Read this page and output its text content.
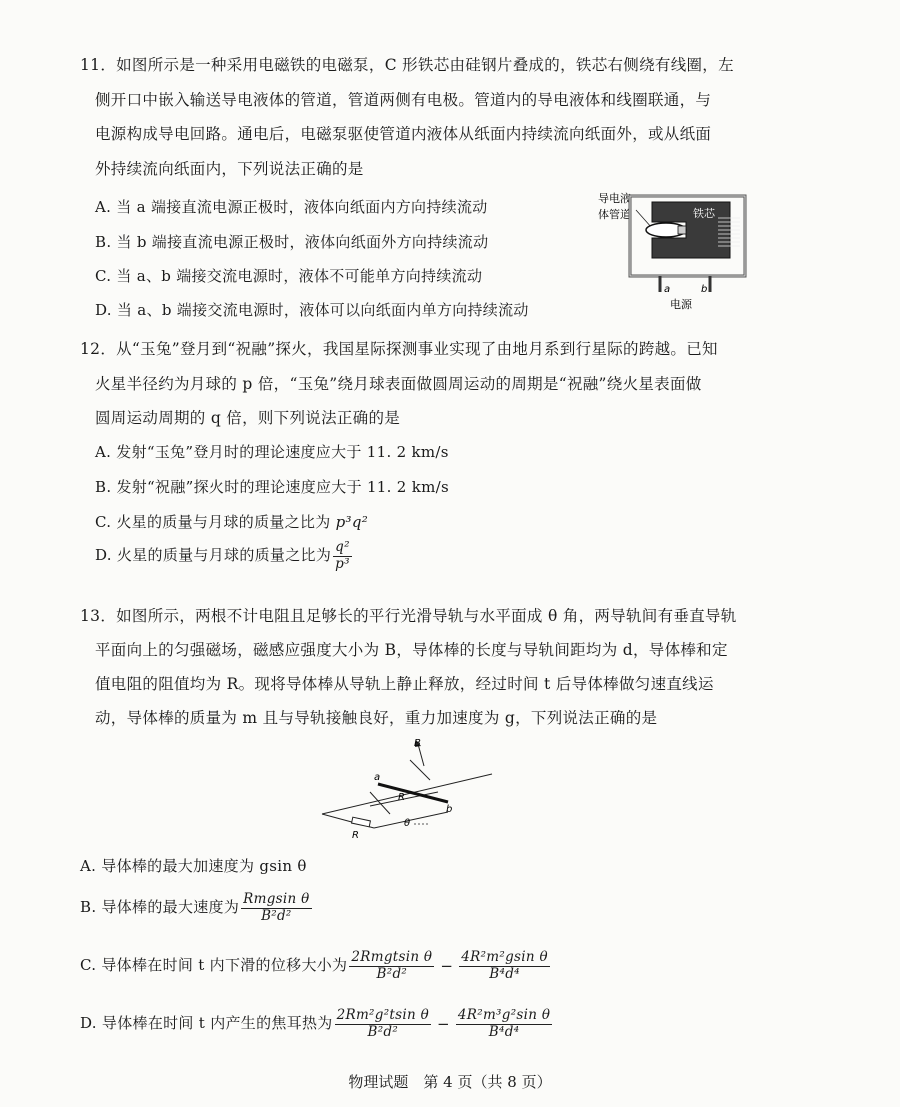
11．如图所示是一种采用电磁铁的电磁泵，C 形铁芯由硅钢片叠成的，铁芯右侧绕有线圈，左
侧开口中嵌入输送导电液体的管道，管道两侧有电极。管道内的导电液体和线圈联通，与
电源构成导电回路。通电后，电磁泵驱使管道内液体从纸面内持续流向纸面外，或从纸面
外持续流向纸面内，下列说法正确的是
A. 当 a 端接直流电源正极时，液体向纸面内方向持续流动
B. 当 b 端接直流电源正极时，液体向纸面外方向持续流动
C. 当 a、b 端接交流电源时，液体不可能单方向持续流动
D. 当 a、b 端接交流电源时，液体可以向纸面内单方向持续流动
导电液
体管道	铁芯
a	b
电源
12．从“玉兔”登月到“祝融”探火，我国星际探测事业实现了由地月系到行星际的跨越。已知
火星半径约为月球的 p 倍，“玉兔”绕月球表面做圆周运动的周期是“祝融”绕火星表面做
圆周运动周期的 q 倍，则下列说法正确的是
A. 发射“玉兔”登月时的理论速度应大于 11. 2 km/s
B. 发射“祝融”探火时的理论速度应大于 11. 2 km/s
C. 火星的质量与月球的质量之比为 p³q²
D. 火星的质量与月球的质量之比为 $\frac{\text{q²}}{\text{p³}}$
13．如图所示，两根不计电阻且足够长的平行光滑导轨与水平面成 θ 角，两导轨间有垂直导轨
平面向上的匀强磁场，磁感应强度大小为 B，导体棒的长度与导轨间距均为 d，导体棒和定
值电阻的阻值均为 R。现将导体棒从导轨上静止释放，经过时间 t 后导体棒做匀速直线运
动，导体棒的质量为 m 且与导轨接触良好，重力加速度为 g，下列说法正确的是
B
a
b
R
R
θ
A. 导体棒的最大加速度为 gsin θ
B. 导体棒的最大速度为 $\frac{\text{Rmgsin θ}}{\text{B²d²}}$
C. 导体棒在时间 t 内下滑的位移大小为 $\frac{\text{2Rmgtsin θ}}{\text{B²d²}} - \frac{\text{4R²m²gsin θ}}{\text{B⁴d⁴}}$
D. 导体棒在时间 t 内产生的焦耳热为 $\frac{\text{2Rm²g²tsin θ}}{\text{B²d²}} - \frac{\text{4R²m³g²sin θ}}{\text{B⁴d⁴}}$
物理试题　第 4 页（共 8 页）
